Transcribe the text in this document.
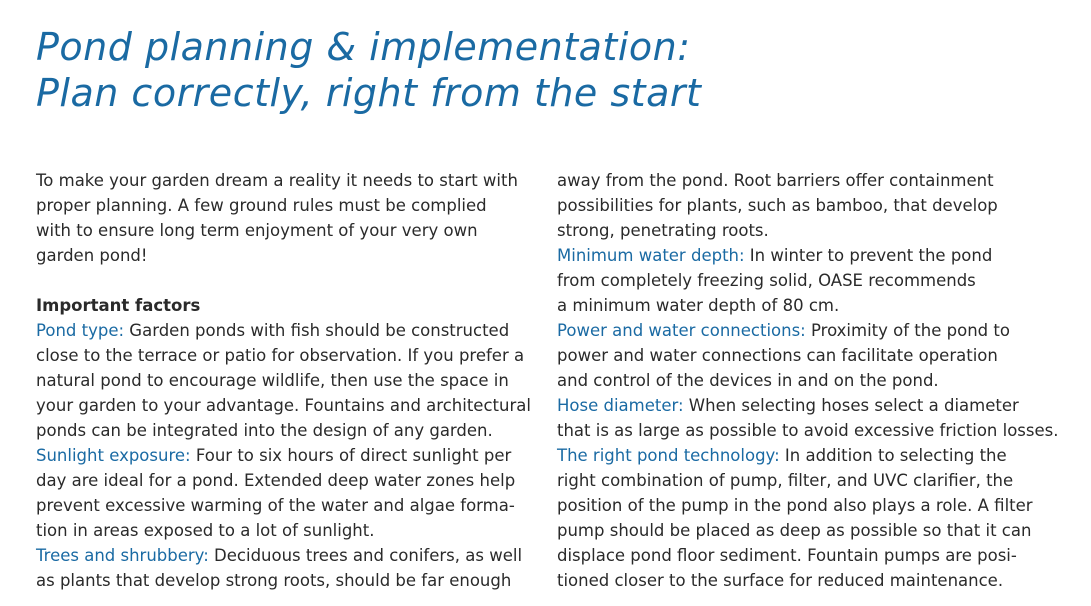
Pond planning & implementation:
Plan correctly, right from the start
To make your garden dream a reality it needs to start with
proper planning. A few ground rules must be complied
with to ensure long term enjoyment of your very own
garden pond!
Important factors
Pond type: Garden ponds with fish should be constructed
close to the terrace or patio for observation. If you prefer a
natural pond to encourage wildlife, then use the space in
your garden to your advantage. Fountains and architectural
ponds can be integrated into the design of any garden.
Sunlight exposure: Four to six hours of direct sunlight per
day are ideal for a pond. Extended deep water zones help
prevent excessive warming of the water and algae forma-
tion in areas exposed to a lot of sunlight.
Trees and shrubbery: Deciduous trees and conifers, as well
as plants that develop strong roots, should be far enough
away from the pond. Root barriers offer containment
possibilities for plants, such as bamboo, that develop
strong, penetrating roots.
Minimum water depth: In winter to prevent the pond
from completely freezing solid, OASE recommends
a minimum water depth of 80 cm.
Power and water connections: Proximity of the pond to
power and water connections can facilitate operation
and control of the devices in and on the pond.
Hose diameter: When selecting hoses select a diameter
that is as large as possible to avoid excessive friction losses.
The right pond technology: In addition to selecting the
right combination of pump, filter, and UVC clarifier, the
position of the pump in the pond also plays a role. A filter
pump should be placed as deep as possible so that it can
displace pond floor sediment. Fountain pumps are posi-
tioned closer to the surface for reduced maintenance.
